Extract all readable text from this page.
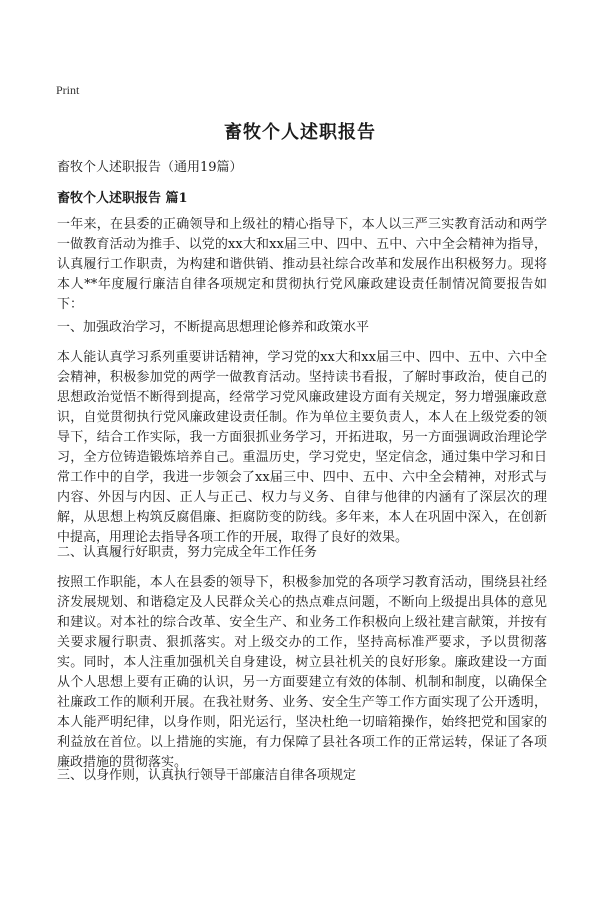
Print
畜牧个人述职报告
畜牧个人述职报告（通用19篇）
畜牧个人述职报告 篇1

一年来，在县委的正确领导和上级社的精心指导下，本人以三严三实教育活动和两学一做教育活动为推手、以党的xx大和xx届三中、四中、五中、六中全会精神为指导，认真履行工作职责，为构建和谐供销、推动县社综合改革和发展作出积极努力。现将本人**年度履行廉洁自律各项规定和贯彻执行党风廉政建设责任制情况简要报告如下：

一、加强政治学习，不断提高思想理论修养和政策水平

本人能认真学习系列重要讲话精神，学习党的xx大和xx届三中、四中、五中、六中全会精神，积极参加党的两学一做教育活动。坚持读书看报，了解时事政治，使自己的思想政治觉悟不断得到提高，经常学习党风廉政建设方面有关规定，努力增强廉政意识，自觉贯彻执行党风廉政建设责任制。作为单位主要负责人，本人在上级党委的领导下，结合工作实际，我一方面狠抓业务学习，开拓进取，另一方面强调政治理论学习，全方位铸造锻炼培养自己。重温历史，学习党史，坚定信念，通过集中学习和日常工作中的自学，我进一步领会了xx届三中、四中、五中、六中全会精神，对形式与内容、外因与内因、正人与正己、权力与义务、自律与他律的内涵有了深层次的理解，从思想上构筑反腐倡廉、拒腐防变的防线。多年来，本人在巩固中深入，在创新中提高，用理论去指导各项工作的开展，取得了良好的效果。

二、认真履行好职责，努力完成全年工作任务

按照工作职能，本人在县委的领导下，积极参加党的各项学习教育活动，围绕县社经济发展规划、和谐稳定及人民群众关心的热点难点问题，不断向上级提出具体的意见和建议。对本社的综合改革、安全生产、和业务工作积极向上级社建言献策，并按有关要求履行职责、狠抓落实。对上级交办的工作，坚持高标准严要求，予以贯彻落实。同时，本人注重加强机关自身建设，树立县社机关的良好形象。廉政建设一方面从个人思想上要有正确的认识，另一方面要建立有效的体制、机制和制度，以确保全社廉政工作的顺利开展。在我社财务、业务、安全生产等工作方面实现了公开透明，本人能严明纪律，以身作则，阳光运行，坚决杜绝一切暗箱操作，始终把党和国家的利益放在首位。以上措施的实施，有力保障了县社各项工作的正常运转，保证了各项廉政措施的贯彻落实。

三、以身作则，认真执行领导干部廉洁自律各项规定
